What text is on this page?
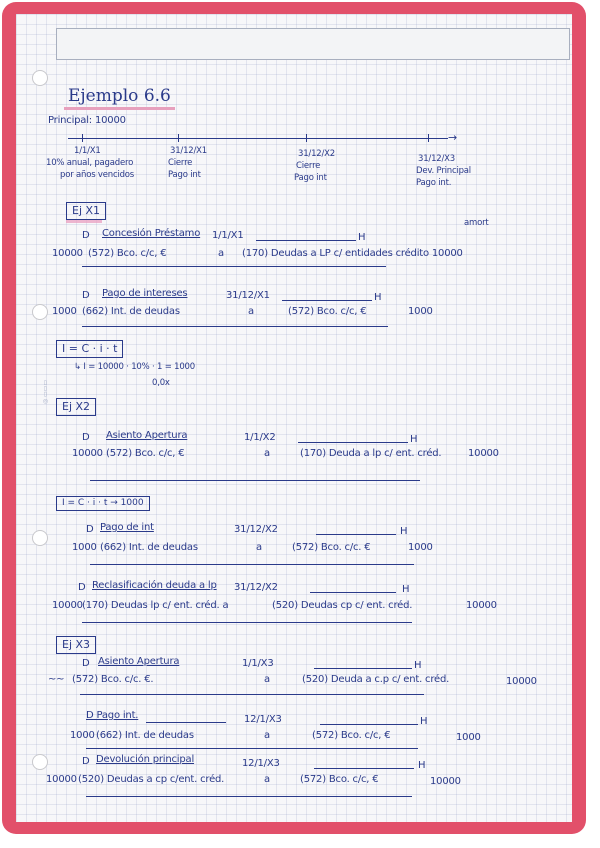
◎ ▭▭▭
Ejemplo 6.6
Principal: 10000
→
1/1/X1
10% anual, pagadero
por años vencidos
31/12/X1
Cierre
Pago int
31/12/X2
Cierre
Pago int
31/12/X3
Dev. Principal
Pago int.
Ej X1
D Concesión Préstamo 1/1/X1	H
amort
10000 (572) Bco. c/c, €	a (170) Deudas a LP c/ entidades crédito 10000
D Pago de intereses	31/12/X1	H
1000 (662) Int. de deudas	a	(572) Bco. c/c, €	1000
I = C · i · t
↳ I = 10000 · 10% · 1 = 1000
0,0x
Ej X2
D Asiento Apertura	1/1/X2	H
10000 (572) Bco. c/c, €	a	(170) Deuda a lp c/ ent. créd.	10000
I = C · i · t → 1000
D Pago de int	31/12/X2	H
1000 (662) Int. de deudas	a	(572) Bco. c/c. €	1000
D Reclasificación deuda a lp 31/12/X2	H
10000 (170) Deudas lp c/ ent. créd. a	(520) Deudas cp c/ ent. créd.	10000
Ej X3
D Asiento Apertura	1/1/X3	H
~~ (572) Bco. c/c. €.	a	(520) Deuda a c.p c/ ent. créd.	10000
D Pago int.	12/1/X3	H
1000 (662) Int. de deudas	a	(572) Bco. c/c, €	1000
D Devolución principal	12/1/X3	H
10000 (520) Deudas a cp c/ent. créd.	a	(572) Bco. c/c, €	10000
